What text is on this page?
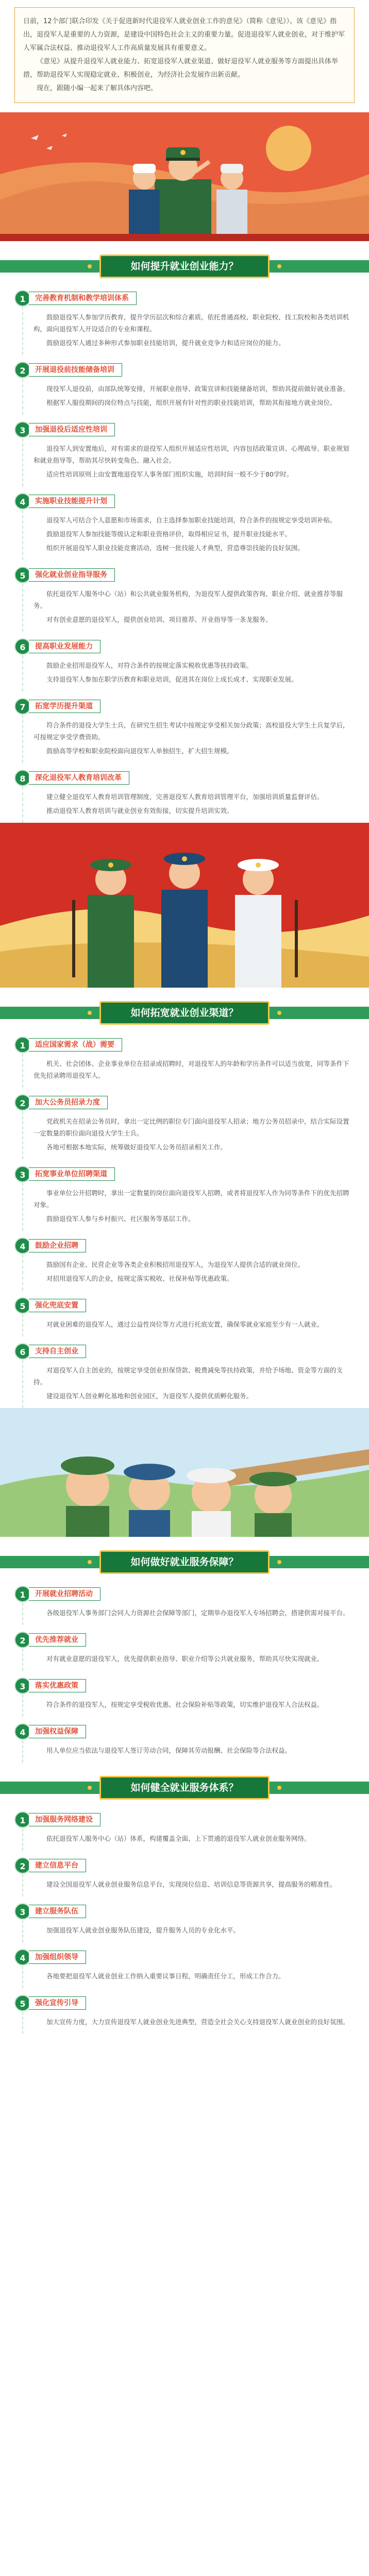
日前，12个部门联合印发《关于促进新时代退役军人就业创业工作的意见》（简称《意见》）。该《意见》指出，退役军人是重要的人力资源，是建设中国特色社会主义的重要力量。促进退役军人就业创业，对于维护军人军属合法权益、推动退役军人工作高质量发展具有重要意义。

《意见》从提升退役军人就业能力、拓宽退役军人就业渠道、做好退役军人就业服务等方面提出具体举措，帮助退役军人实现稳定就业、积极创业，为经济社会发展作出新贡献。

现在，跟随小编一起来了解具体内容吧。

如何提升就业创业能力？
1	完善教育机制和教学培训体系

鼓励退役军人参加学历教育，提升学历层次和综合素质。依托普通高校、职业院校、技工院校和各类培训机构，面向退役军人开设适合的专业和课程。

鼓励退役军人通过多种形式参加职业技能培训，提升就业竞争力和适应岗位的能力。

2	开展退役前技能储备培训

现役军人退役前，由部队统筹安排，开展职业指导、政策宣讲和技能储备培训，帮助其提前做好就业准备。

根据军人服役期间的岗位特点与技能，组织开展有针对性的职业技能培训，帮助其衔接地方就业岗位。

3	加强退役后适应性培训

退役军人到安置地后，对有需求的退役军人组织开展适应性培训，内容包括政策宣讲、心理疏导、职业规划和就业指导等，帮助其尽快转变角色、融入社会。

适应性培训原则上由安置地退役军人事务部门组织实施，培训时间一般不少于80学时。

4	实施职业技能提升计划

退役军人可结合个人意愿和市场需求，自主选择参加职业技能培训，符合条件的按规定享受培训补贴。

鼓励退役军人参加技能等级认定和职业资格评价，取得相应证书，提升职业技能水平。

组织开展退役军人职业技能竞赛活动，选树一批技能人才典型，营造尊崇技能的良好氛围。

5	强化就业创业指导服务

依托退役军人服务中心（站）和公共就业服务机构，为退役军人提供政策咨询、职业介绍、就业推荐等服务。

对有创业意愿的退役军人，提供创业培训、项目推荐、开业指导等一条龙服务。

6	提高职业发展能力

鼓励企业招用退役军人，对符合条件的按规定落实税收优惠等扶持政策。

支持退役军人参加在职学历教育和职业培训，促进其在岗位上成长成才、实现职业发展。

7	拓宽学历提升渠道

符合条件的退役大学生士兵，在研究生招生考试中按规定享受相关加分政策；高校退役大学生士兵复学后，可按规定享受学费资助。

鼓励高等学校和职业院校面向退役军人单独招生，扩大招生规模。

8	深化退役军人教育培训改革

建立健全退役军人教育培训管理制度，完善退役军人教育培训管理平台，加强培训质量监督评估。

推动退役军人教育培训与就业创业有效衔接，切实提升培训实效。

如何拓宽就业创业渠道？
1	适应国家需求（战）需要

机关、社会团体、企业事业单位在招录或招聘时，对退役军人的年龄和学历条件可以适当放宽，同等条件下优先招录聘用退役军人。

2	加大公务员招录力度

党政机关在招录公务员时，拿出一定比例的职位专门面向退役军人招录；地方公务员招录中，结合实际设置一定数量的职位面向退役大学生士兵。

各地可根据本地实际，统筹做好退役军人公务员招录相关工作。

3	拓宽事业单位招聘渠道

事业单位公开招聘时，拿出一定数量的岗位面向退役军人招聘，或者将退役军人作为同等条件下的优先招聘对象。

鼓励退役军人参与乡村振兴、社区服务等基层工作。

4	鼓励企业招聘

鼓励国有企业、民营企业等各类企业积极招用退役军人，为退役军人提供合适的就业岗位。

对招用退役军人的企业，按规定落实税收、社保补贴等优惠政策。

5	强化兜底安置

对就业困难的退役军人，通过公益性岗位等方式进行托底安置，确保零就业家庭至少有一人就业。

6	支持自主创业

对退役军人自主创业的，按规定享受创业担保贷款、税费减免等扶持政策，并给予场地、资金等方面的支持。

建设退役军人创业孵化基地和创业园区，为退役军人提供优质孵化服务。

如何做好就业服务保障？
1	开展就业招聘活动

各级退役军人事务部门会同人力资源社会保障等部门，定期举办退役军人专场招聘会，搭建供需对接平台。

2	优先推荐就业

对有就业意愿的退役军人，优先提供职业指导、职业介绍等公共就业服务，帮助其尽快实现就业。

3	落实优惠政策

符合条件的退役军人，按规定享受税收优惠、社会保险补贴等政策，切实维护退役军人合法权益。

4	加强权益保障

用人单位应当依法与退役军人签订劳动合同，保障其劳动报酬、社会保险等合法权益。

如何健全就业服务体系？
1	加强服务网络建设

依托退役军人服务中心（站）体系，构建覆盖全面、上下贯通的退役军人就业创业服务网络。

2	建立信息平台

建设全国退役军人就业创业服务信息平台，实现岗位信息、培训信息等资源共享，提高服务的精准性。

3	建立服务队伍

加强退役军人就业创业服务队伍建设，提升服务人员的专业化水平。

4	加强组织领导

各地要把退役军人就业创业工作纳入重要议事日程，明确责任分工，形成工作合力。

5	强化宣传引导

加大宣传力度，大力宣传退役军人就业创业先进典型，营造全社会关心支持退役军人就业创业的良好氛围。
